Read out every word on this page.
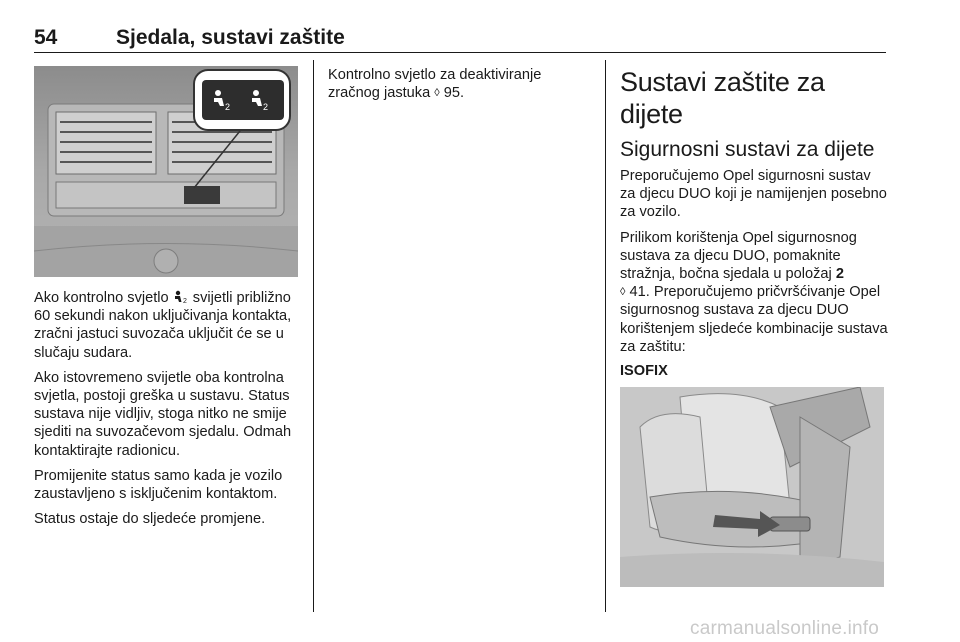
54	Sjedala, sustavi zaštite
2	2

Ako kontrolno svjetlo 2 svijetli približno 60 sekundi nakon uključivanja kontakta, zračni jastuci suvozača uključit će se u slučaju sudara.

Ako istovremeno svijetle oba kontrolna svjetla, postoji greška u sustavu. Status sustava nije vidljiv, stoga nitko ne smije sjediti na suvozačevom sjedalu. Odmah kontaktirajte radionicu.

Promijenite status samo kada je vozilo zaustavljeno s isključenim kontaktom.

Status ostaje do sljedeće promjene.

Kontrolno svjetlo za deaktiviranje zračnog jastuka ◊ 95.	Sustavi zaštite za dijete
Sigurnosni sustavi za dijete

Preporučujemo Opel sigurnosni sustav za djecu DUO koji je namijenjen posebno za vozilo.

Prilikom korištenja Opel sigurnosnog sustava za djecu DUO, pomaknite stražnja, bočna sjedala u položaj 2
◊ 41. Preporučujemo pričvršćivanje Opel sigurnosnog sustava za djecu DUO korištenjem sljedeće kombinacije sustava za zaštitu:

ISOFIX

carmanualsonline.info
